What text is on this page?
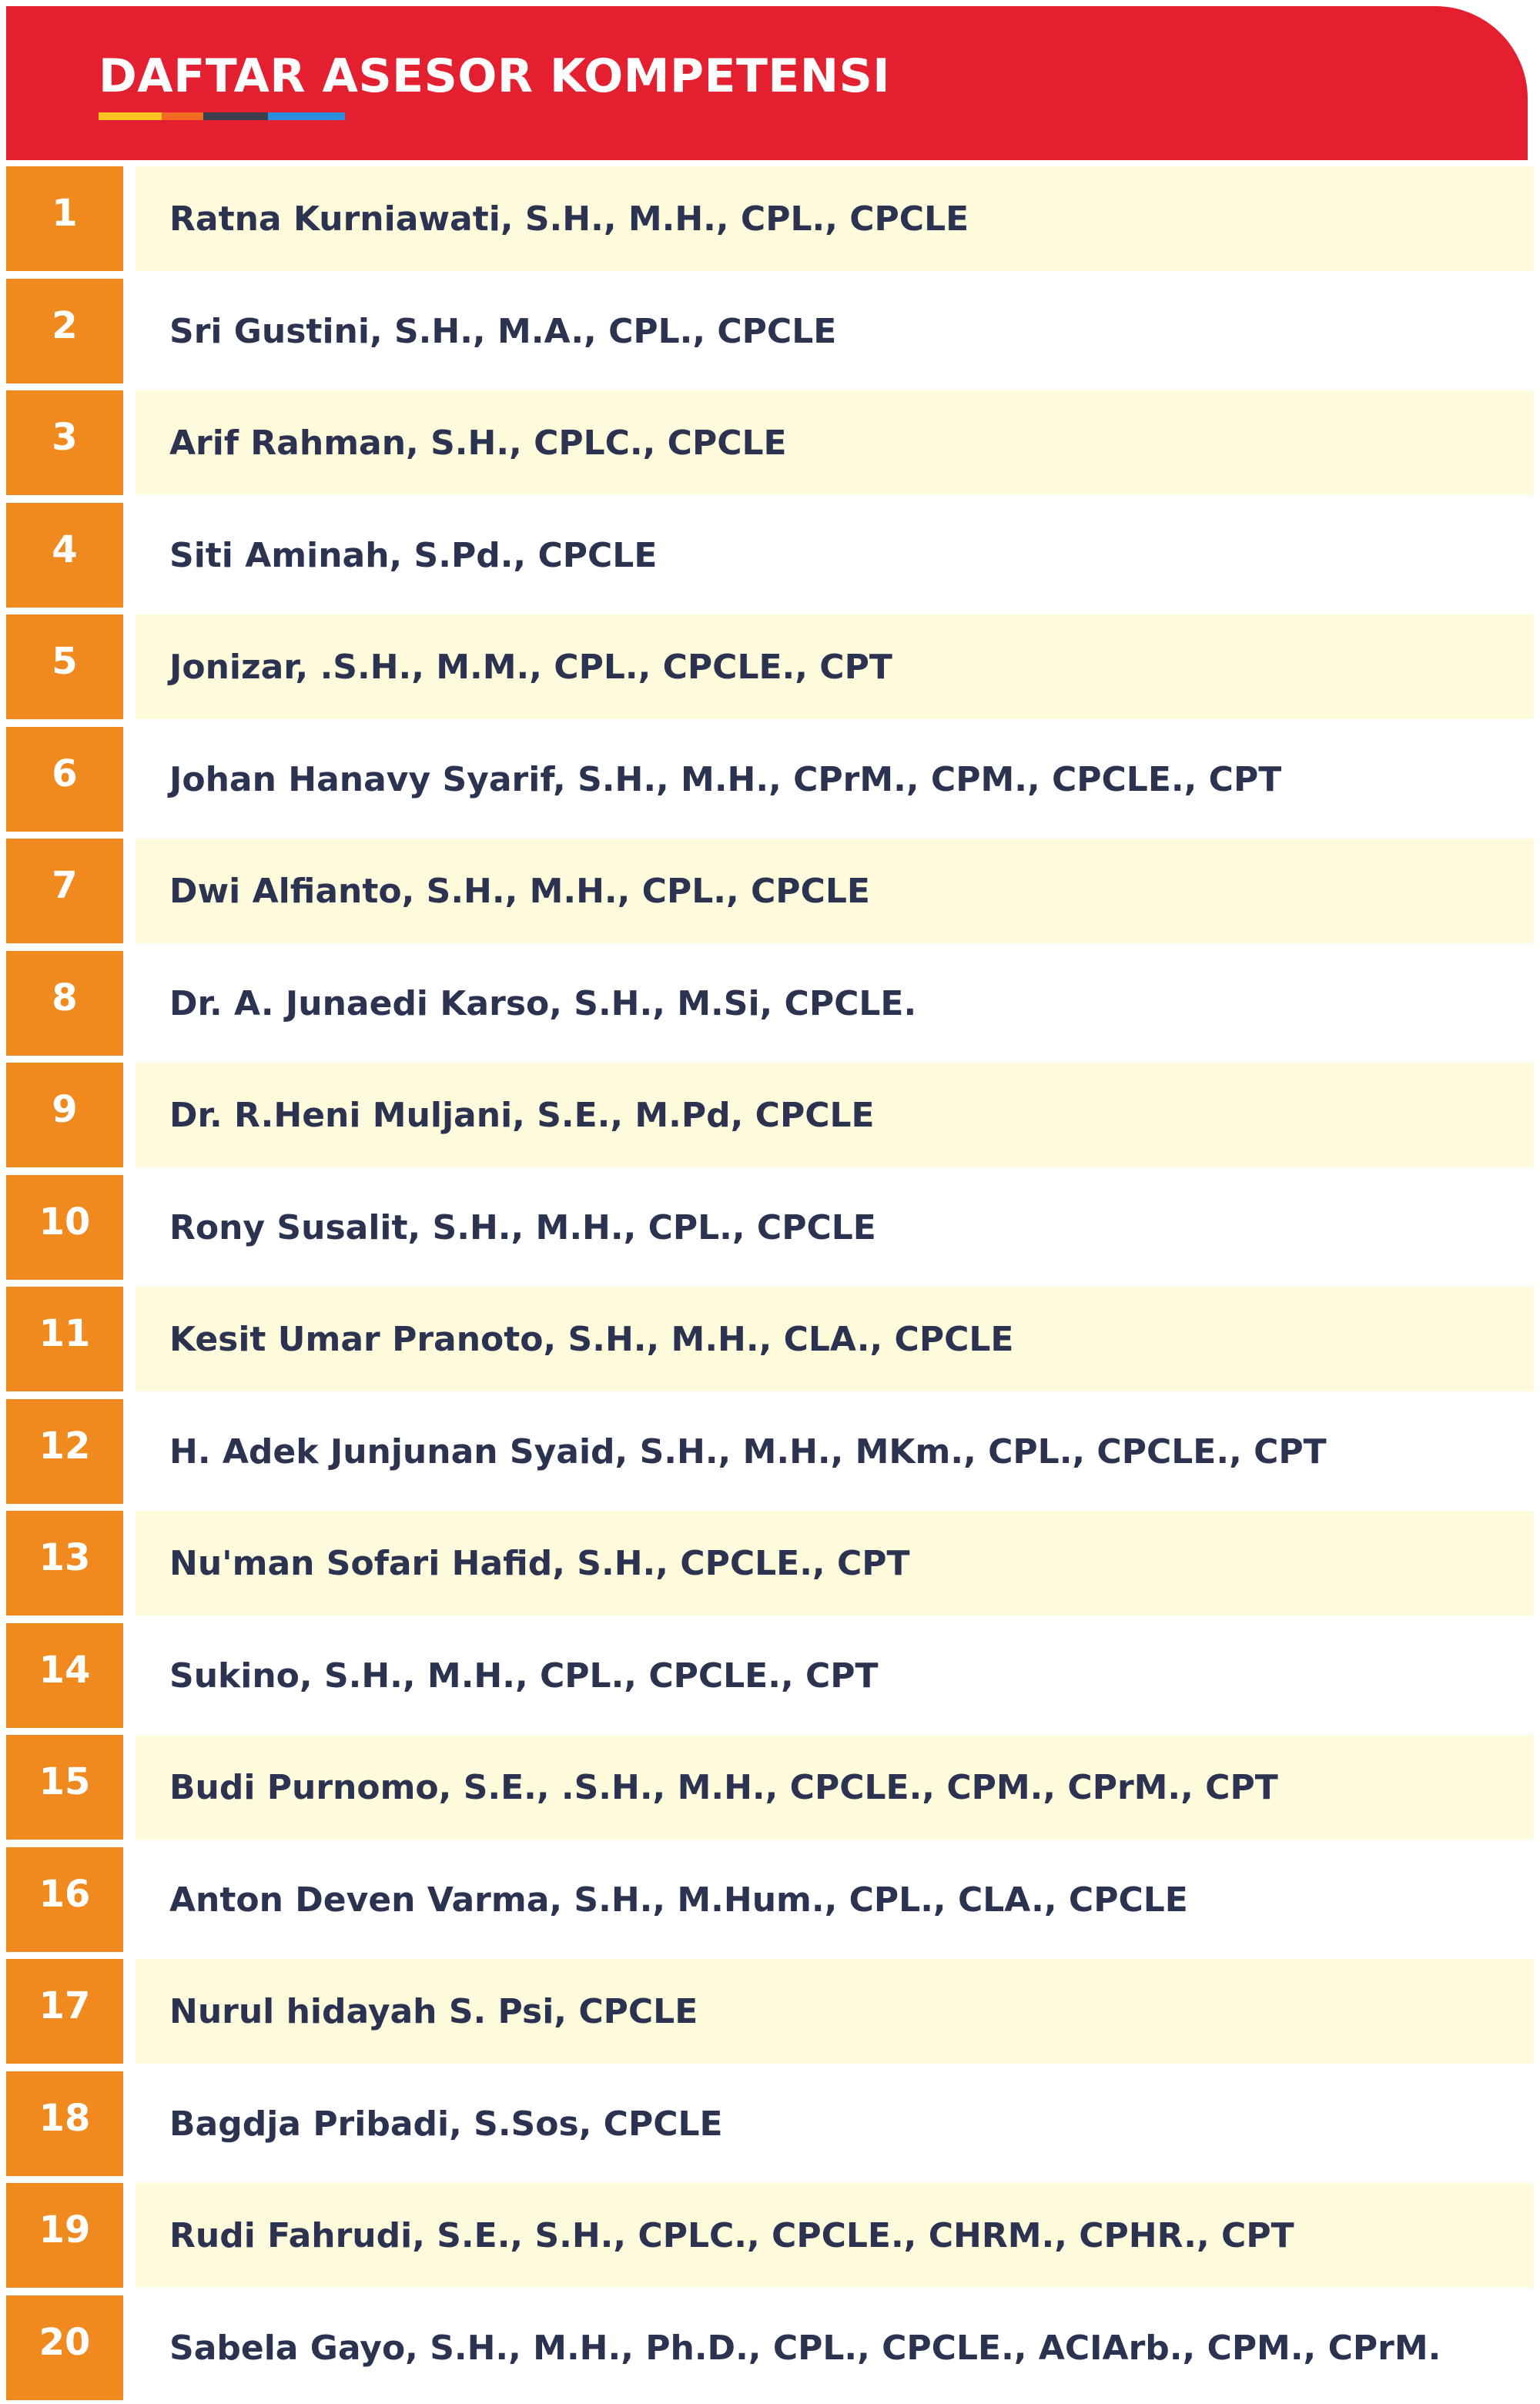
DAFTAR ASESOR KOMPETENSI
1	Ratna Kurniawati, S.H., M.H., CPL., CPCLE
2	Sri Gustini, S.H., M.A., CPL., CPCLE
3	Arif Rahman, S.H., CPLC., CPCLE
4	Siti Aminah, S.Pd., CPCLE
5	Jonizar, .S.H., M.M., CPL., CPCLE., CPT
6	Johan Hanavy Syarif, S.H., M.H., CPrM., CPM., CPCLE., CPT
7	Dwi Alfianto, S.H., M.H., CPL., CPCLE
8	Dr. A. Junaedi Karso, S.H., M.Si, CPCLE.
9	Dr. R.Heni Muljani, S.E., M.Pd, CPCLE
10	Rony Susalit, S.H., M.H., CPL., CPCLE
11	Kesit Umar Pranoto, S.H., M.H., CLA., CPCLE
12	H. Adek Junjunan Syaid, S.H., M.H., MKm., CPL., CPCLE., CPT
13	Nu'man Sofari Hafid, S.H., CPCLE., CPT
14	Sukino, S.H., M.H., CPL., CPCLE., CPT
15	Budi Purnomo, S.E., .S.H., M.H., CPCLE., CPM., CPrM., CPT
16	Anton Deven Varma, S.H., M.Hum., CPL., CLA., CPCLE
17	Nurul hidayah S. Psi, CPCLE
18	Bagdja Pribadi, S.Sos, CPCLE
19	Rudi Fahrudi, S.E., S.H., CPLC., CPCLE., CHRM., CPHR., CPT
20	Sabela Gayo, S.H., M.H., Ph.D., CPL., CPCLE., ACIArb., CPM., CPrM.
